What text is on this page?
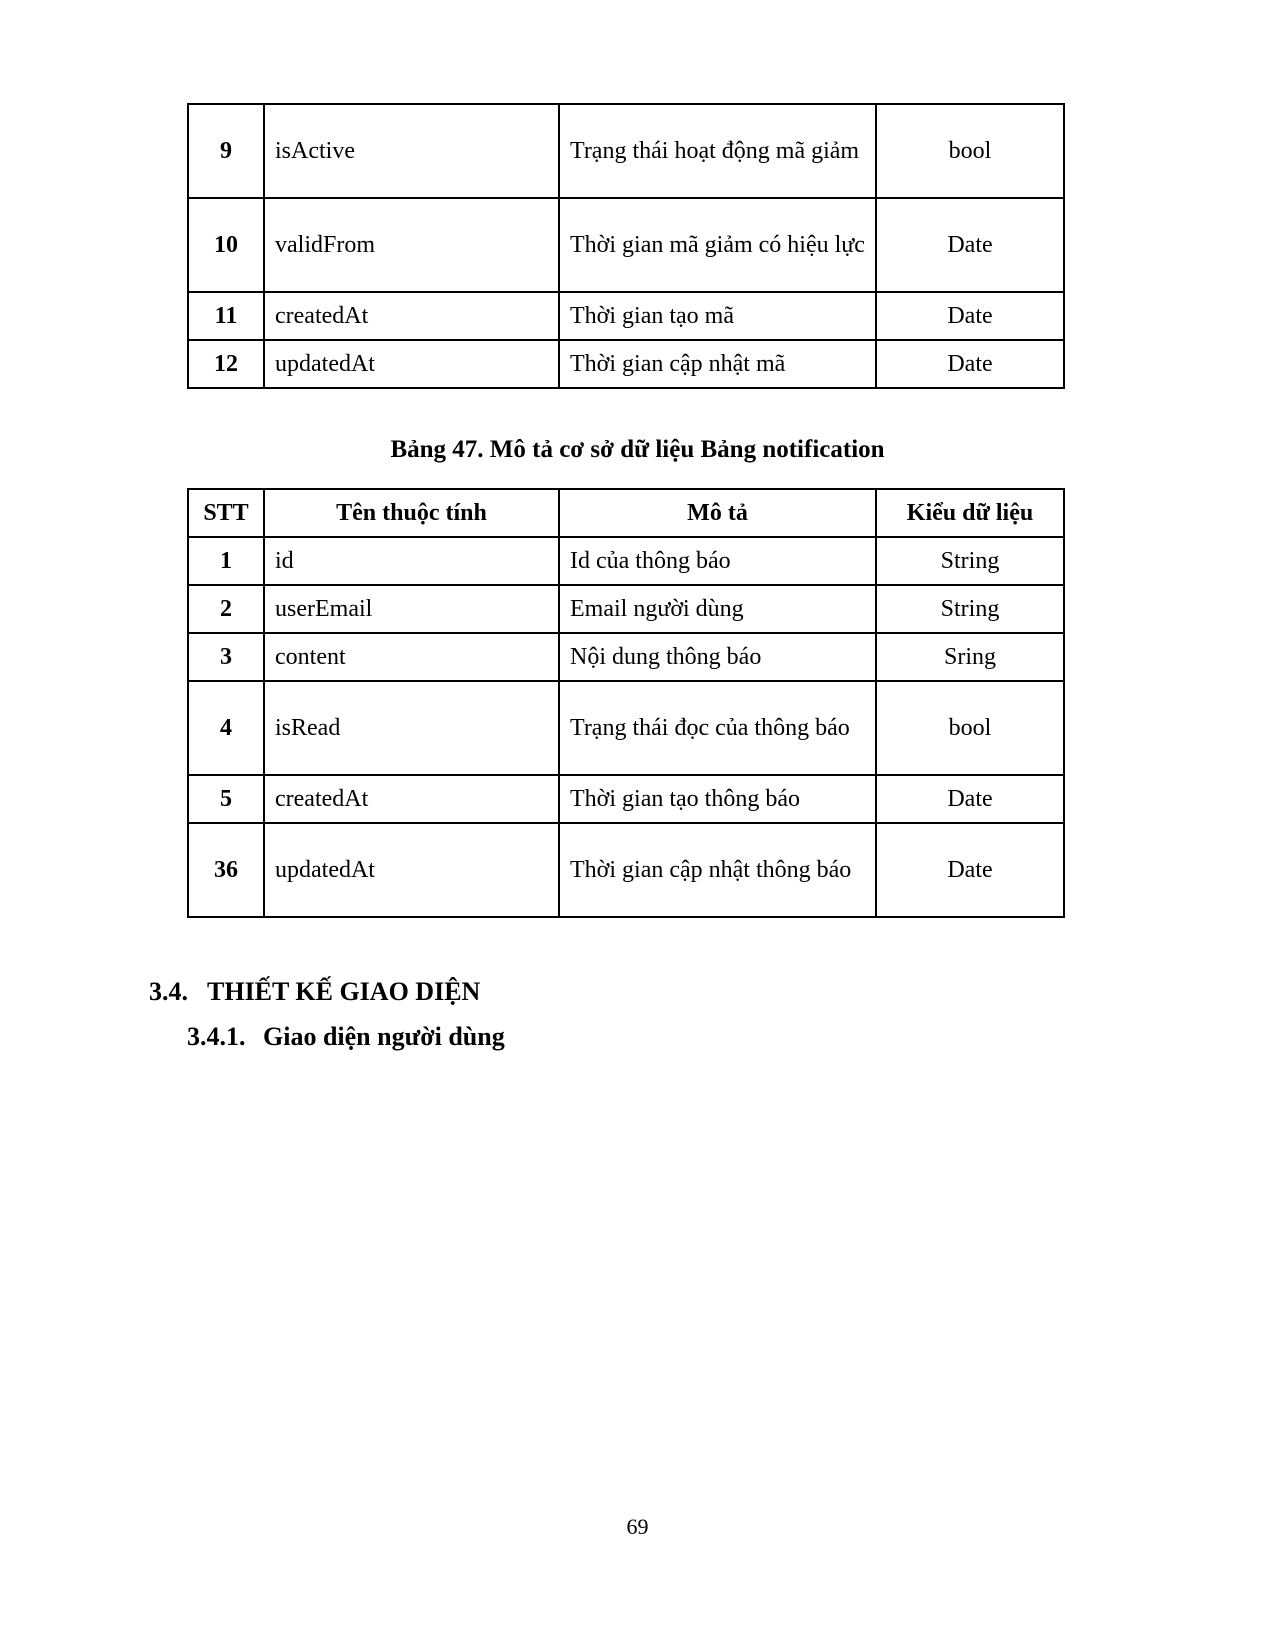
9	isActive	Trạng thái hoạt động mã giảm	bool
10	validFrom	Thời gian mã giảm có hiệu lực	Date
11	createdAt	Thời gian tạo mã	Date
12	updatedAt	Thời gian cập nhật mã	Date
Bảng 47. Mô tả cơ sở dữ liệu Bảng notification
STT	Tên thuộc tính	Mô tả	Kiểu dữ liệu
1	id	Id của thông báo	String
2	userEmail	Email người dùng	String
3	content	Nội dung thông báo	Sring
4	isRead	Trạng thái đọc của thông báo	bool
5	createdAt	Thời gian tạo thông báo	Date
36	updatedAt	Thời gian cập nhật thông báo	Date
3.4. THIẾT KẾ GIAO DIỆN
3.4.1. Giao diện người dùng
69
